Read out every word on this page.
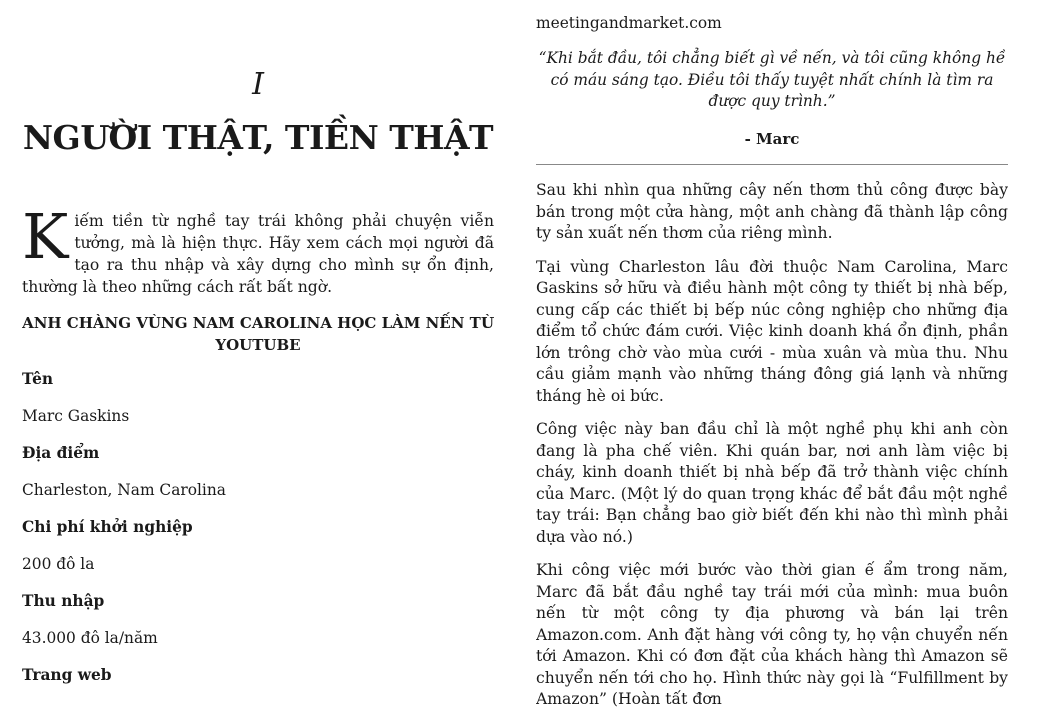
I
NGƯỜI THẬT, TIỀN THẬT

Kiếm tiền từ nghề tay trái không phải chuyện viễn tưởng, mà là hiện thực. Hãy xem cách mọi người đã tạo ra thu nhập và xây dựng cho mình sự ổn định, thường là theo những cách rất bất ngờ.

ANH CHÀNG VÙNG NAM CAROLINA HỌC LÀM NẾN TỪ YOUTUBE
Tên
Marc Gaskins
Địa điểm
Charleston, Nam Carolina
Chi phí khởi nghiệp
200 đô la
Thu nhập
43.000 đô la/năm
Trang web
meetingandmarket.com

“Khi bắt đầu, tôi chẳng biết gì về nến, và tôi cũng không hề có máu sáng tạo. Điều tôi thấy tuyệt nhất chính là tìm ra được quy trình.”

- Marc

Sau khi nhìn qua những cây nến thơm thủ công được bày bán trong một cửa hàng, một anh chàng đã thành lập công ty sản xuất nến thơm của riêng mình.

Tại vùng Charleston lâu đời thuộc Nam Carolina, Marc Gaskins sở hữu và điều hành một công ty thiết bị nhà bếp, cung cấp các thiết bị bếp núc công nghiệp cho những địa điểm tổ chức đám cưới. Việc kinh doanh khá ổn định, phần lớn trông chờ vào mùa cưới - mùa xuân và mùa thu. Nhu cầu giảm mạnh vào những tháng đông giá lạnh và những tháng hè oi bức.

Công việc này ban đầu chỉ là một nghề phụ khi anh còn đang là pha chế viên. Khi quán bar, nơi anh làm việc bị cháy, kinh doanh thiết bị nhà bếp đã trở thành việc chính của Marc. (Một lý do quan trọng khác để bắt đầu một nghề tay trái: Bạn chẳng bao giờ biết đến khi nào thì mình phải dựa vào nó.)

Khi công việc mới bước vào thời gian ế ẩm trong năm, Marc đã bắt đầu nghề tay trái mới của mình: mua buôn nến từ một công ty địa phương và bán lại trên Amazon.com. Anh đặt hàng với công ty, họ vận chuyển nến tới Amazon. Khi có đơn đặt của khách hàng thì Amazon sẽ chuyển nến tới cho họ. Hình thức này gọi là “Fulfillment by Amazon” (Hoàn tất đơn
